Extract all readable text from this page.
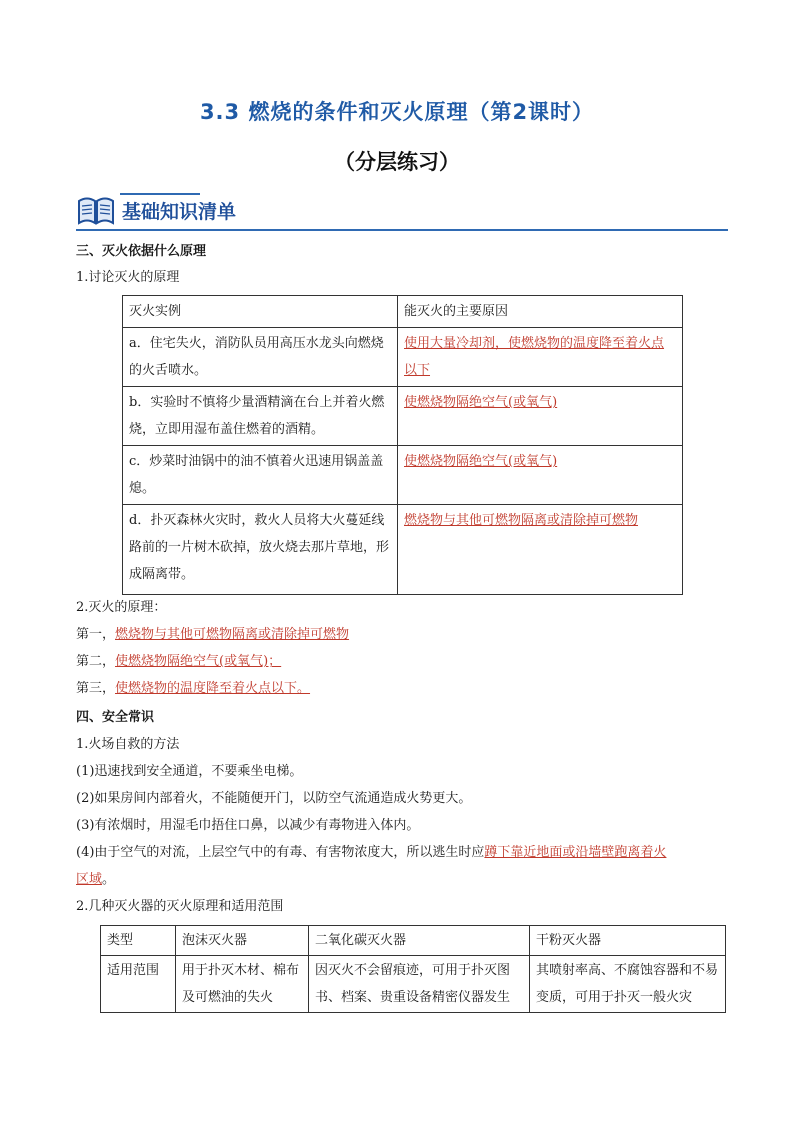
3.3 燃烧的条件和灭火原理（第2课时）
（分层练习）
基础知识清单
三、灭火依据什么原理
1.讨论灭火的原理
灭火实例	能灭火的主要原因
a．住宅失火，消防队员用高压水龙头向燃烧的火舌喷水。	使用大量冷却剂，使燃烧物的温度降至着火点以下
b．实验时不慎将少量酒精滴在台上并着火燃烧，立即用湿布盖住燃着的酒精。	使燃烧物隔绝空气(或氧气)
c．炒菜时油锅中的油不慎着火迅速用锅盖盖熄。	使燃烧物隔绝空气(或氧气)
d．扑灭森林火灾时，救火人员将大火蔓延线路前的一片树木砍掉，放火烧去那片草地，形成隔离带。	燃烧物与其他可燃物隔离或清除掉可燃物
2.灭火的原理：
第一，燃烧物与其他可燃物隔离或清除掉可燃物
第二，使燃烧物隔绝空气(或氧气)；
第三，使燃烧物的温度降至着火点以下。
四、安全常识
1.火场自救的方法
(1)迅速找到安全通道，不要乘坐电梯。
(2)如果房间内部着火，不能随便开门，以防空气流通造成火势更大。
(3)有浓烟时，用湿毛巾捂住口鼻，以减少有毒物进入体内。
(4)由于空气的对流，上层空气中的有毒、有害物浓度大，所以逃生时应蹲下靠近地面或沿墙壁跑离着火
区域。
2.几种灭火器的灭火原理和适用范围
类型	泡沫灭火器	二氧化碳灭火器	干粉灭火器
适用范围	用于扑灭木材、棉布及可燃油的失火	因灭火不会留痕迹，可用于扑灭图书、档案、贵重设备精密仪器发生	其喷射率高、不腐蚀容器和不易变质，可用于扑灭一般火灾
